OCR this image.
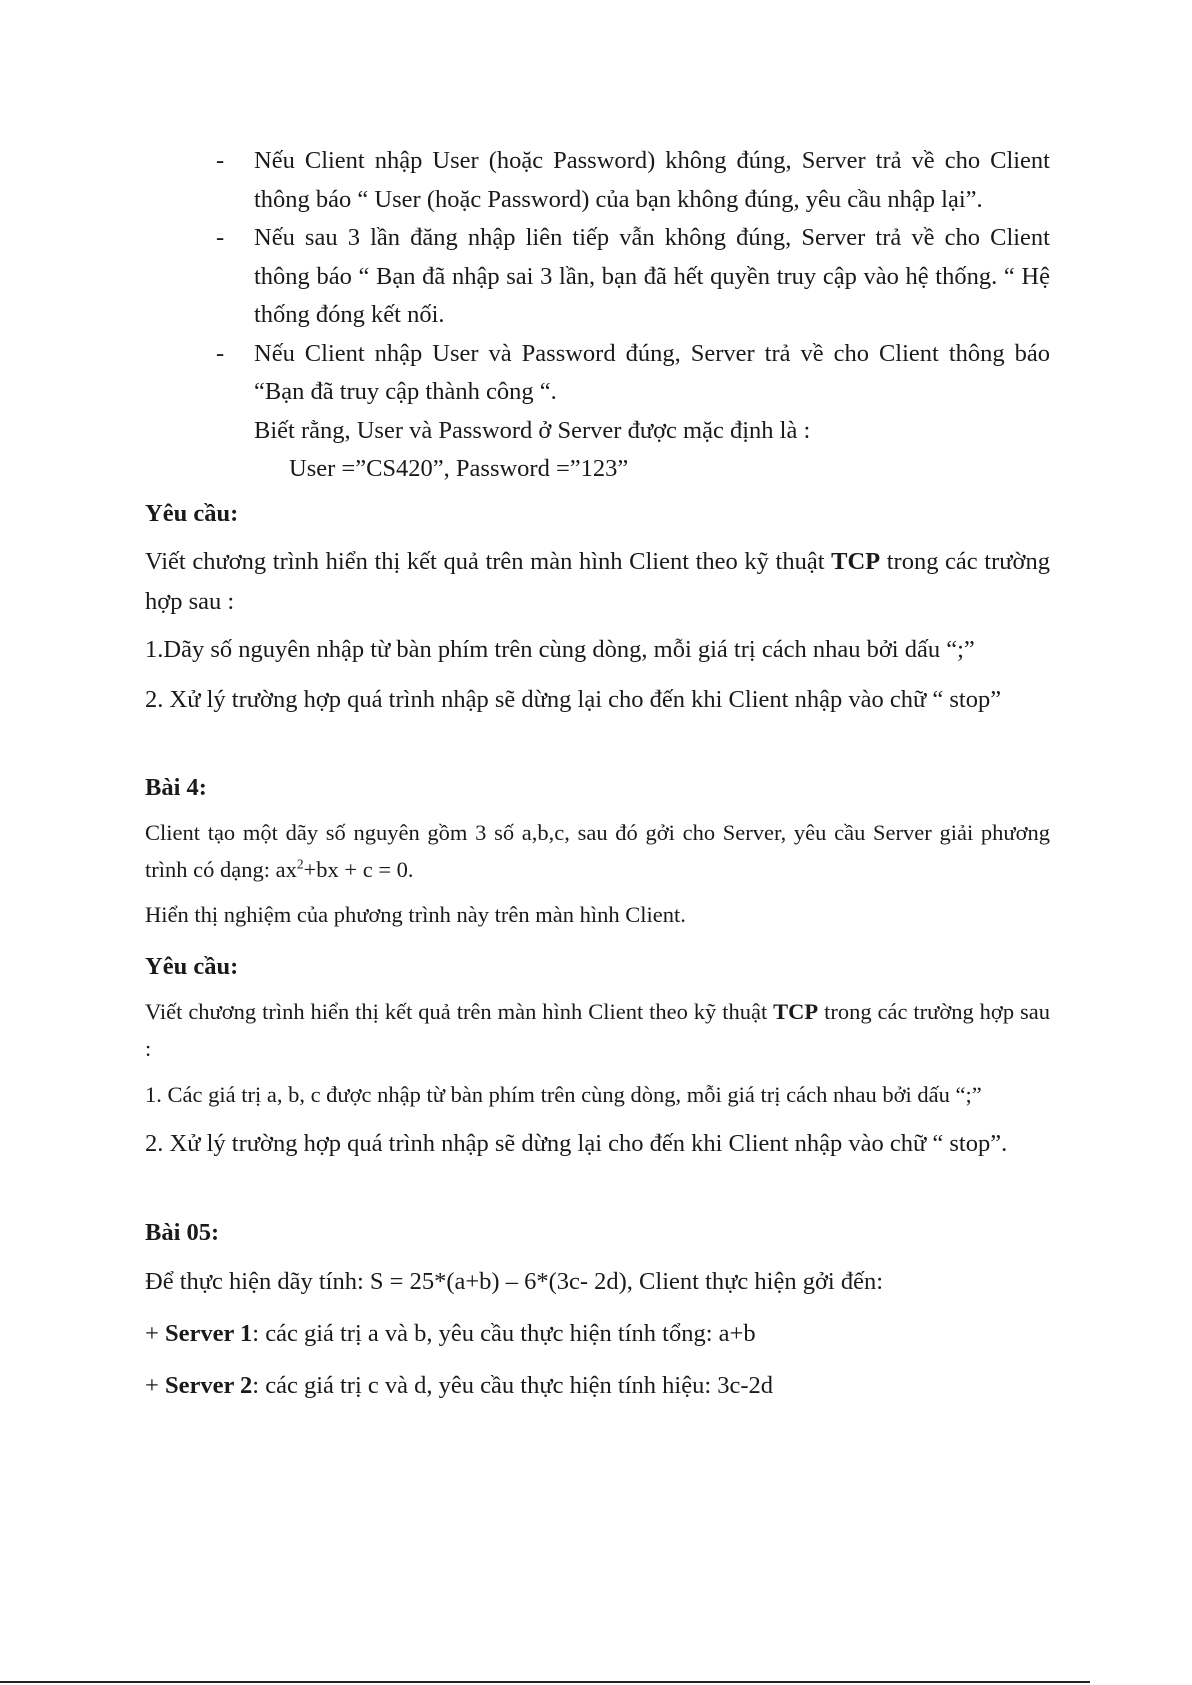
- Nếu Client nhập User (hoặc Password) không đúng, Server trả về cho Client thông báo “ User (hoặc Password) của bạn không đúng, yêu cầu nhập lại”.
- Nếu sau 3 lần đăng nhập liên tiếp vẫn không đúng, Server trả về cho Client thông báo “ Bạn đã nhập sai 3 lần, bạn đã hết quyền truy cập vào hệ thống. “ Hệ thống đóng kết nối.
- Nếu Client nhập User và Password đúng, Server trả về cho Client thông báo “Bạn đã truy cập thành công “.
Biết rằng, User và Password ở Server được mặc định là :
User =”CS420”, Password =”123”
Yêu cầu:
Viết chương trình hiển thị kết quả trên màn hình Client theo kỹ thuật TCP trong các trường hợp sau :
1.Dãy số nguyên nhập từ bàn phím trên cùng dòng, mỗi giá trị cách nhau bởi dấu “;”
2. Xử lý trường hợp quá trình nhập sẽ dừng lại cho đến khi Client nhập vào chữ “ stop”
Bài 4:
Client tạo một dãy số nguyên gồm 3 số a,b,c, sau đó gởi cho Server, yêu cầu Server giải phương trình có dạng: $ax^2+bx + c = 0$.
Hiển thị nghiệm của phương trình này trên màn hình Client.
Yêu cầu:
Viết chương trình hiển thị kết quả trên màn hình Client theo kỹ thuật TCP trong các trường hợp sau :
1. Các giá trị a, b, c được nhập từ bàn phím trên cùng dòng, mỗi giá trị cách nhau bởi dấu “;”
2. Xử lý trường hợp quá trình nhập sẽ dừng lại cho đến khi Client nhập vào chữ “ stop”.
Bài 05:
Để thực hiện dãy tính: S = 25*(a+b) – 6*(3c- 2d), Client thực hiện gởi đến:
+ Server 1: các giá trị a và b, yêu cầu thực hiện tính tổng: a+b
+ Server 2: các giá trị c và d, yêu cầu thực hiện tính hiệu: 3c-2d
